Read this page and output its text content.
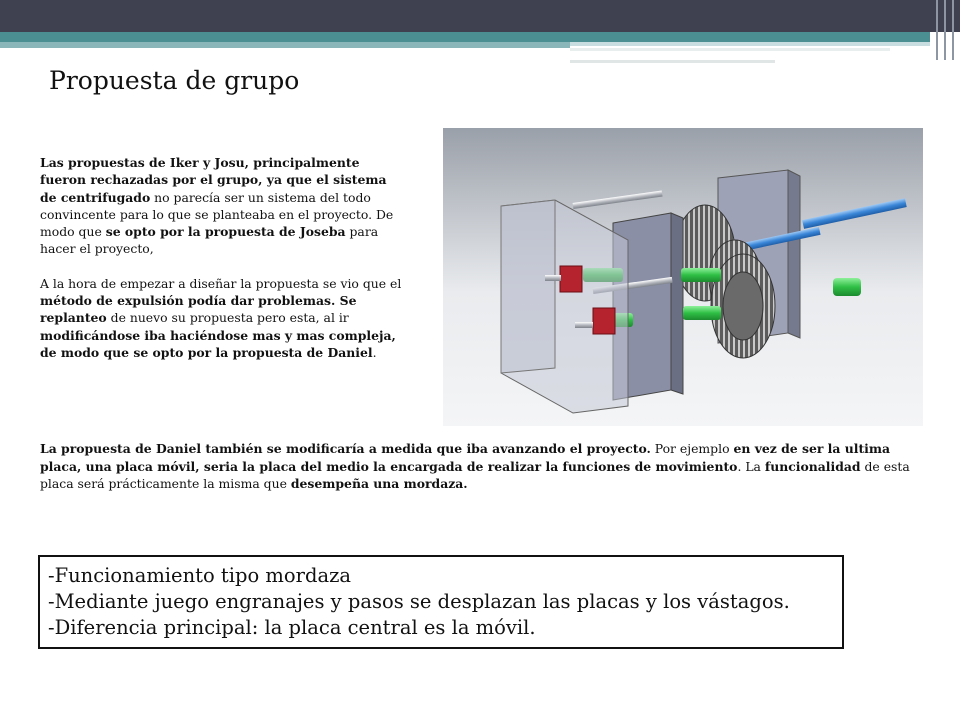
Propuesta de grupo

Las propuestas de Iker y Josu, principalmente fueron rechazadas por el grupo, ya que el sistema de centrifugado no parecía ser un sistema del todo convincente para lo que se planteaba en el proyecto. De modo que se opto por la propuesta de Joseba para hacer el proyecto,

A la hora de empezar a diseñar la propuesta se vio que el método de expulsión podía dar problemas. Se replanteo de nuevo su propuesta pero esta, al ir modificándose iba haciéndose mas y mas compleja, de modo que se opto por la propuesta de Daniel.

La propuesta de Daniel también se modificaría a medida que iba avanzando el proyecto. Por ejemplo en vez de ser la ultima placa, una placa móvil, seria la placa del medio la encargada de realizar la funciones de movimiento. La funcionalidad de esta placa será prácticamente la misma que desempeña una mordaza.

-Funcionamiento tipo mordaza
-Mediante juego engranajes y pasos se desplazan las placas y los vástagos.
-Diferencia principal: la placa central es la móvil.
